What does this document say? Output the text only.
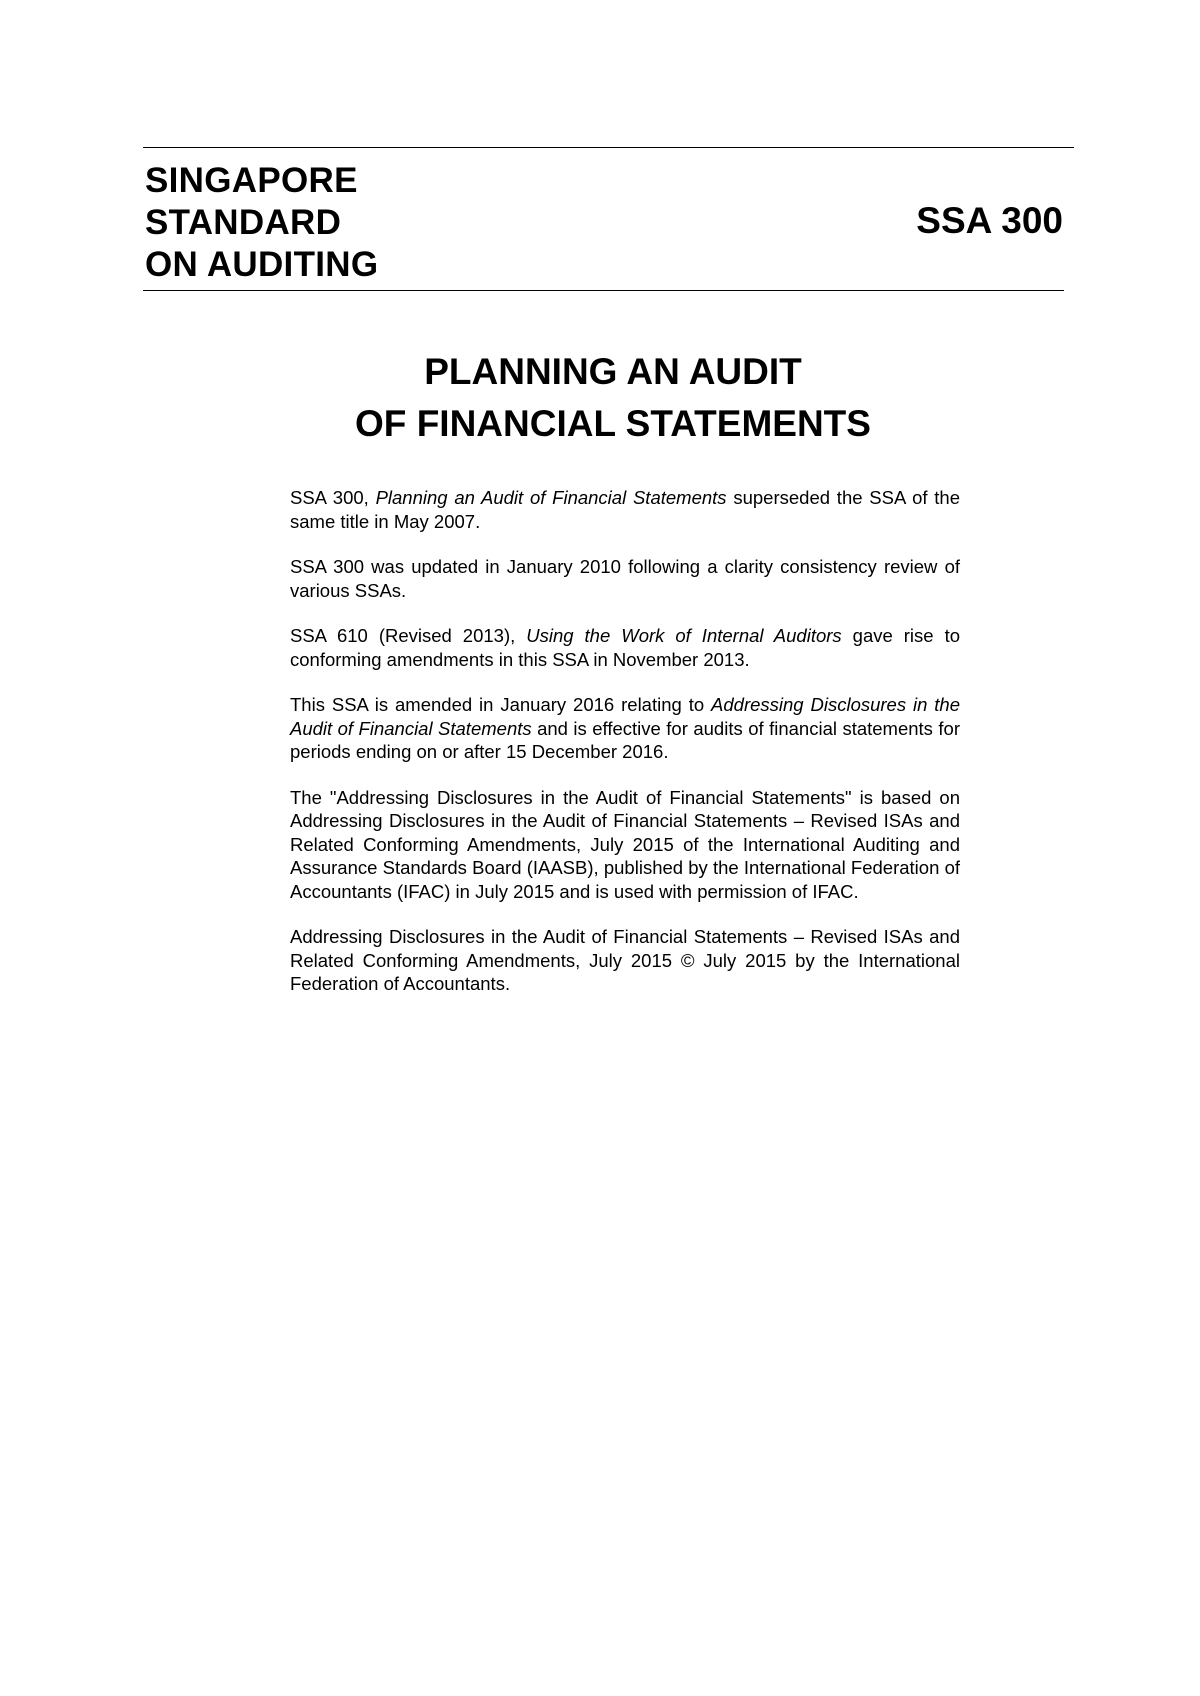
SINGAPORE
STANDARD
ON AUDITING
SSA 300
PLANNING AN AUDIT
OF FINANCIAL STATEMENTS

SSA 300, Planning an Audit of Financial Statements superseded the SSA of the same title in May 2007.

SSA 300 was updated in January 2010 following a clarity consistency review of various SSAs.

SSA 610 (Revised 2013), Using the Work of Internal Auditors gave rise to conforming amendments in this SSA in November 2013.

This SSA is amended in January 2016 relating to Addressing Disclosures in the Audit of Financial Statements and is effective for audits of financial statements for periods ending on or after 15 December 2016.

The "Addressing Disclosures in the Audit of Financial Statements" is based on Addressing Disclosures in the Audit of Financial Statements – Revised ISAs and Related Conforming Amendments, July 2015 of the International Auditing and Assurance Standards Board (IAASB), published by the International Federation of Accountants (IFAC) in July 2015 and is used with permission of IFAC.

Addressing Disclosures in the Audit of Financial Statements – Revised ISAs and Related Conforming Amendments, July 2015 © July 2015 by the International Federation of Accountants.
